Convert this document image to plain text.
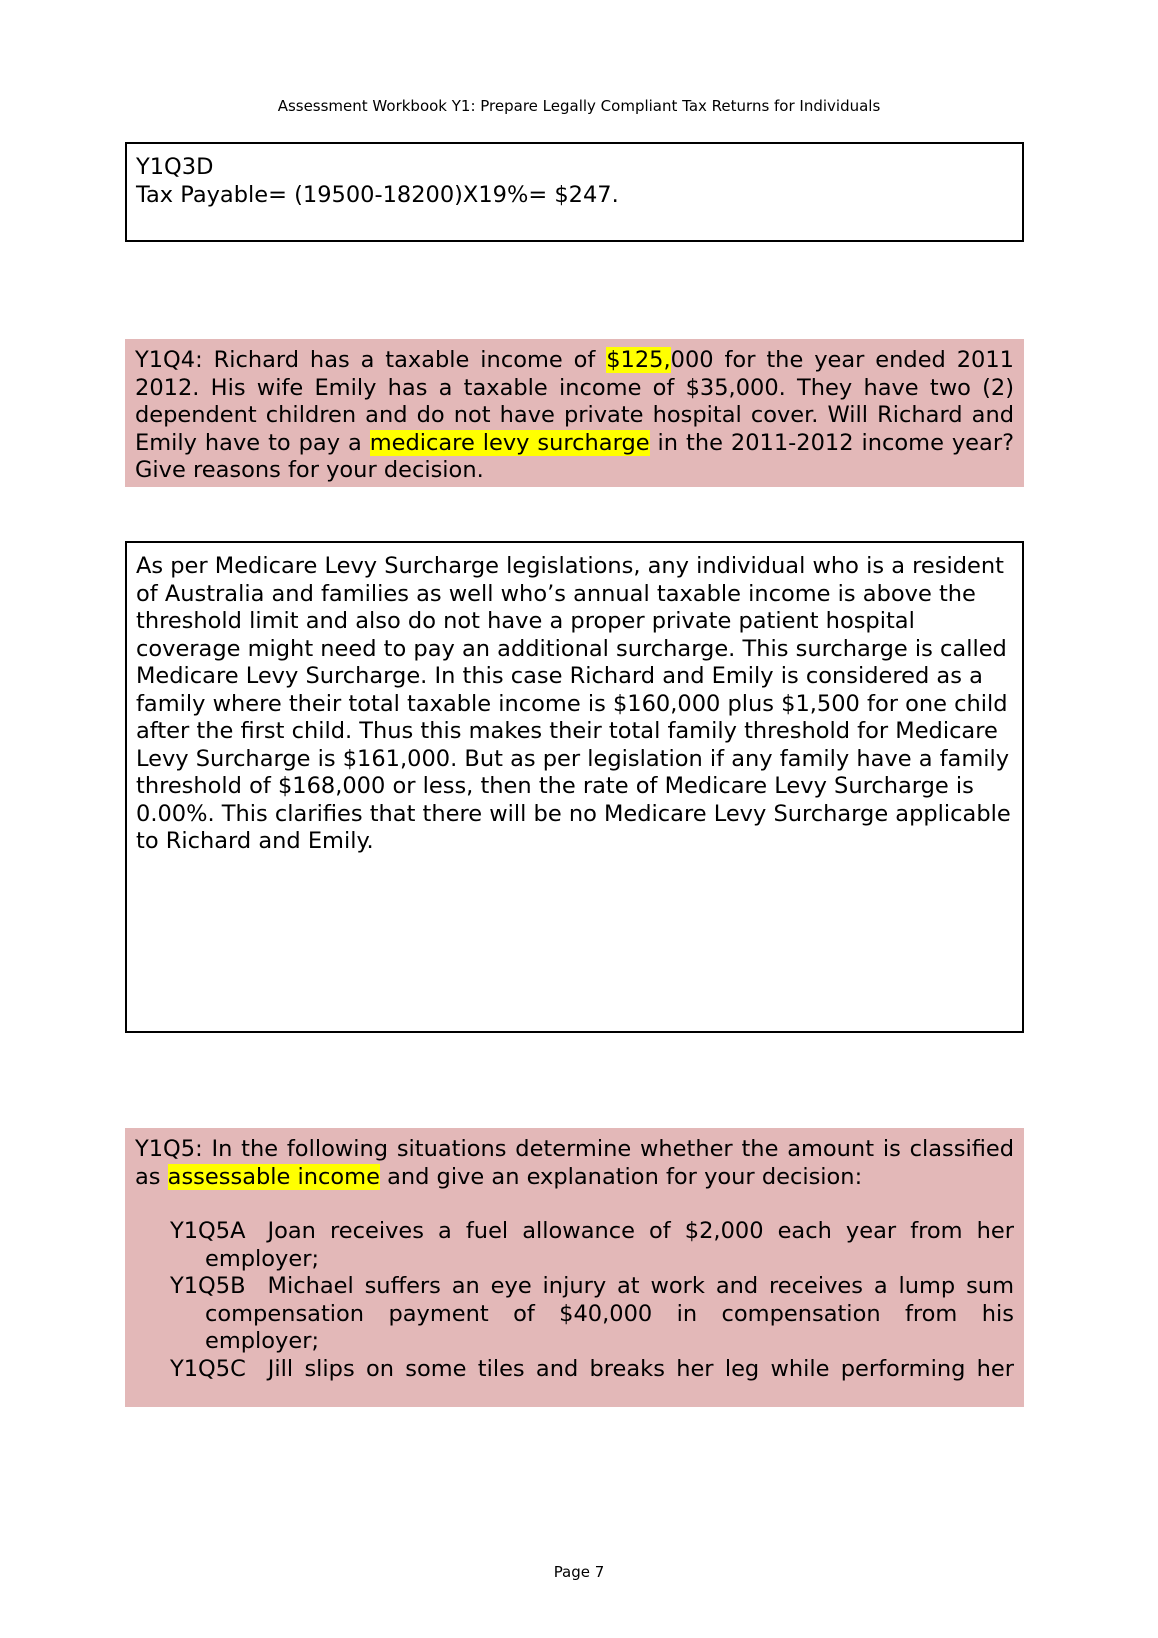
Assessment Workbook Y1: Prepare Legally Compliant Tax Returns for Individuals
Y1Q3D
Tax Payable= (19500-18200)X19%= $247.
Y1Q4: Richard has a taxable income of $125,000 for the year ended 2011 2012. His wife Emily has a taxable income of $35,000. They have two (2) dependent children and do not have private hospital cover. Will Richard and Emily have to pay a medicare levy surcharge in the 2011-2012 income year? Give reasons for your decision.
As per Medicare Levy Surcharge legislations, any individual who is a resident of Australia and families as well who’s annual taxable income is above the threshold limit and also do not have a proper private patient hospital coverage might need to pay an additional surcharge. This surcharge is called Medicare Levy Surcharge. In this case Richard and Emily is considered as a family where their total taxable income is $160,000 plus $1,500 for one child after the first child. Thus this makes their total family threshold for Medicare Levy Surcharge is $161,000. But as per legislation if any family have a family threshold of $168,000 or less, then the rate of Medicare Levy Surcharge is 0.00%. This clarifies that there will be no Medicare Levy Surcharge applicable to Richard and Emily.
Y1Q5: In the following situations determine whether the amount is classified as assessable income and give an explanation for your decision:
Y1Q5A Joan receives a fuel allowance of $2,000 each year from her employer;
Y1Q5B Michael suffers an eye injury at work and receives a lump sum compensation payment of $40,000 in compensation from his employer;
Y1Q5C Jill slips on some tiles and breaks her leg while performing her
Page 7
